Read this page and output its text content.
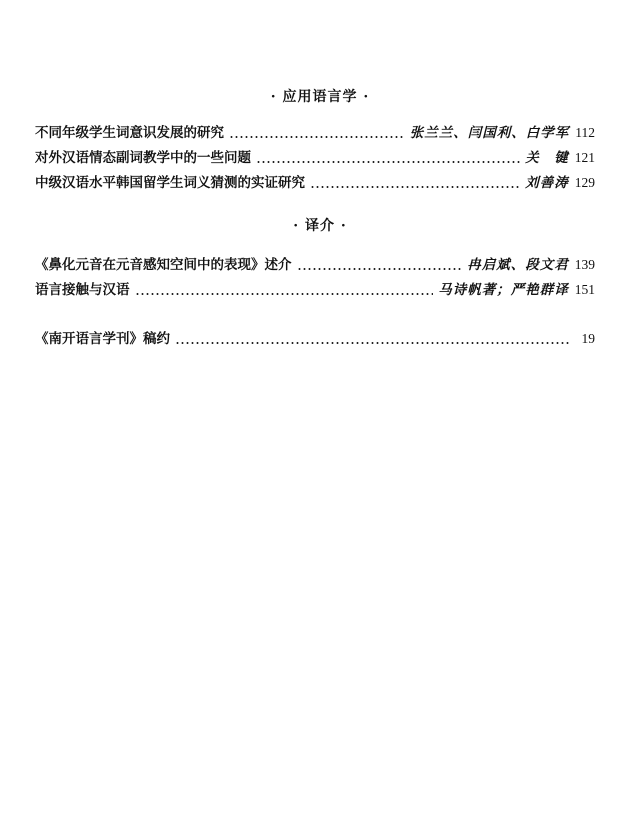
· 应用语言学 ·
不同年级学生词意识发展的研究	张兰兰、闫国利、白学军 112
对外汉语情态副词教学中的一些问题	关　键 121
中级汉语水平韩国留学生词义猜测的实证研究	刘善涛 129
· 译介 ·
《鼻化元音在元音感知空间中的表现》述介	冉启斌、段文君 139
语言接触与汉语	马诗帆著；严艳群译 151
《南开语言学刊》稿约	19
